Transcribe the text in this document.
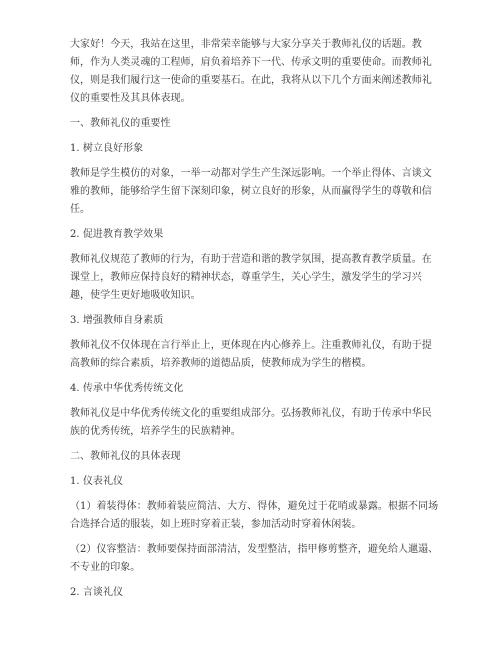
大家好！今天，我站在这里，非常荣幸能够与大家分享关于教师礼仪的话题。教师，作为人类灵魂的工程师，肩负着培养下一代、传承文明的重要使命。而教师礼仪，则是我们履行这一使命的重要基石。在此，我将从以下几个方面来阐述教师礼仪的重要性及其具体表现。

一、教师礼仪的重要性

1. 树立良好形象

教师是学生模仿的对象，一举一动都对学生产生深远影响。一个举止得体、言谈文雅的教师，能够给学生留下深刻印象，树立良好的形象，从而赢得学生的尊敬和信任。

2. 促进教育教学效果

教师礼仪规范了教师的行为，有助于营造和谐的教学氛围，提高教育教学质量。在课堂上，教师应保持良好的精神状态，尊重学生，关心学生，激发学生的学习兴趣，使学生更好地吸收知识。

3. 增强教师自身素质

教师礼仪不仅体现在言行举止上，更体现在内心修养上。注重教师礼仪，有助于提高教师的综合素质，培养教师的道德品质，使教师成为学生的楷模。

4. 传承中华优秀传统文化

教师礼仪是中华优秀传统文化的重要组成部分。弘扬教师礼仪，有助于传承中华民族的优秀传统，培养学生的民族精神。

二、教师礼仪的具体表现

1. 仪表礼仪

（1）着装得体：教师着装应简洁、大方、得体，避免过于花哨或暴露。根据不同场合选择合适的服装，如上班时穿着正装，参加活动时穿着休闲装。

（2）仪容整洁：教师要保持面部清洁，发型整洁，指甲修剪整齐，避免给人邋遢、不专业的印象。

2. 言谈礼仪
